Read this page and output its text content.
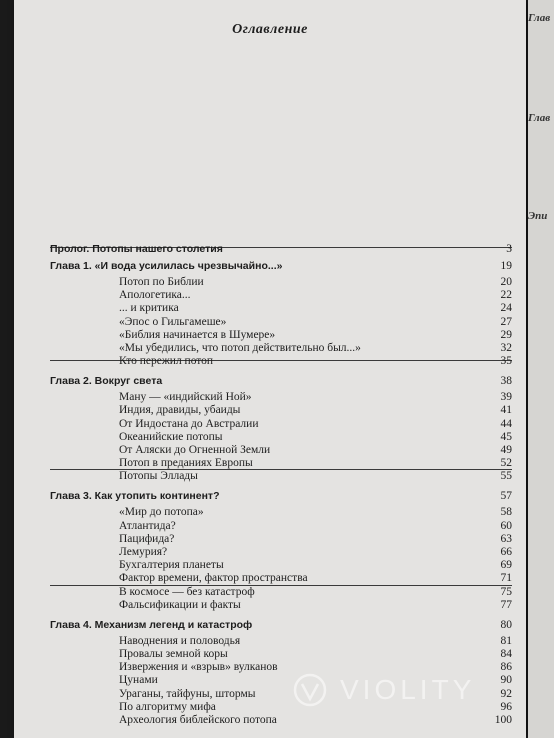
Оглавление
Пролог. Потопы нашего столетия	3
Глава 1. «И вода усилилась чрезвычайно...»	19
Потоп по Библии	20
Апологетика...	22
... и критика	24
«Эпос о Гильгамеше»	27
«Библия начинается в Шумере»	29
«Мы убедились, что потоп действительно был...»	32
Кто пережил потоп	35
Глава 2. Вокруг света	38
Ману — «индийский Ной»	39
Индия, дравиды, убаиды	41
От Индостана до Австралии	44
Океанийские потопы	45
От Аляски до Огненной Земли	49
Потоп в преданиях Европы	52
Потопы Эллады	55
Глава 3. Как утопить континент?	57
«Мир до потопа»	58
Атлантида?	60
Пацифида?	63
Лемурия?	66
Бухгалтерия планеты	69
Фактор времени, фактор пространства	71
В космосе — без катастроф	75
Фальсификации и факты	77
Глава 4. Механизм легенд и катастроф	80
Наводнения и половодья	81
Провалы земной коры	84
Извержения и «взрыв» вулканов	86
Цунами	90
Ураганы, тайфуны, штормы	92
По алгоритму мифа	96
Археология библейского потопа	100
Глав
Глав
Эпи
VIOLITY
